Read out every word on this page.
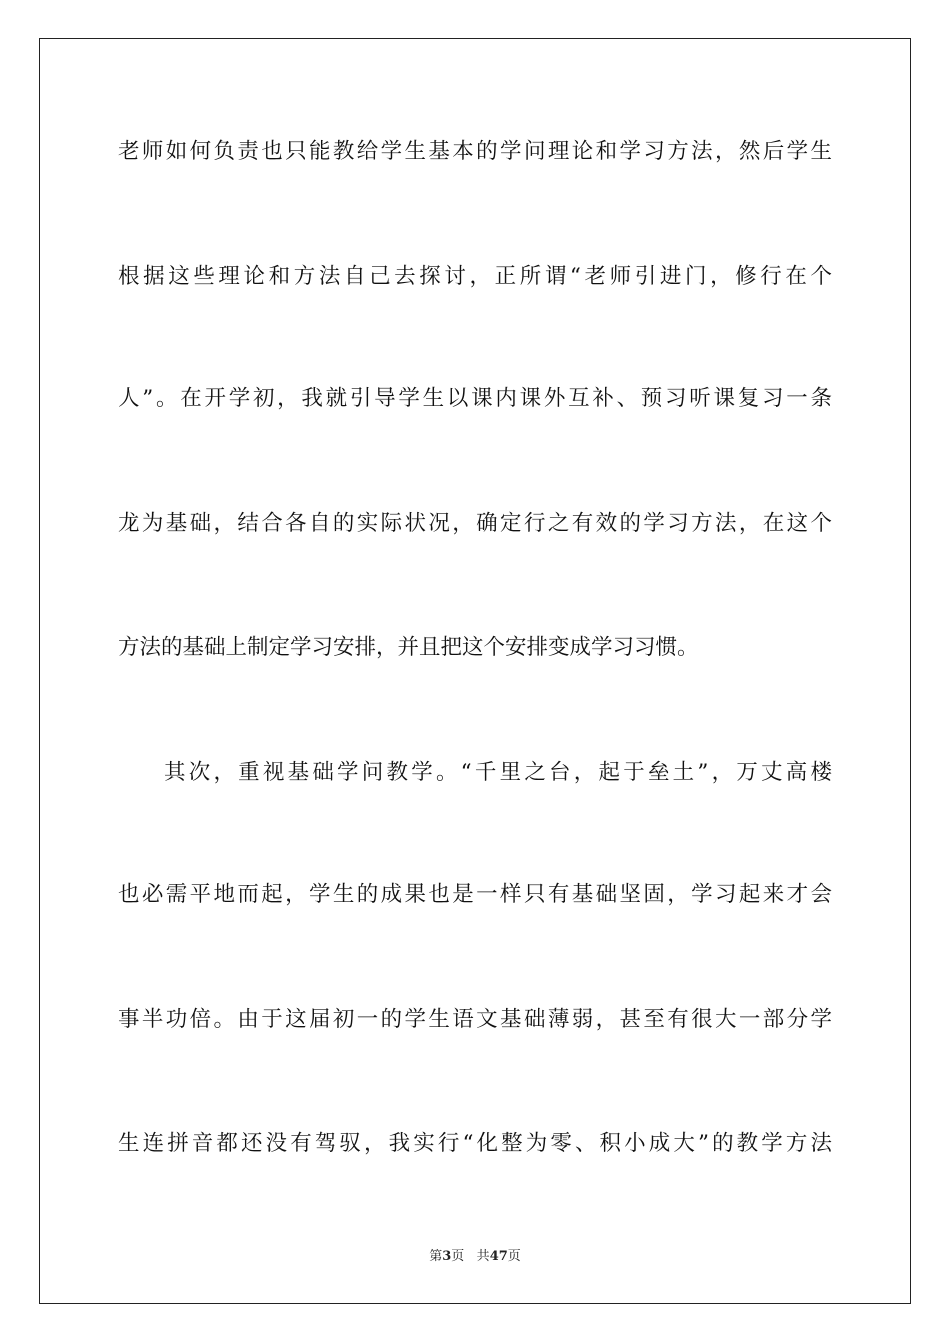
老师如何负责也只能教给学生基本的学问理论和学习方法，然后学生
根据这些理论和方法自己去探讨，正所谓“老师引进门，修行在个
人”。在开学初，我就引导学生以课内课外互补、预习听课复习一条
龙为基础，结合各自的实际状况，确定行之有效的学习方法，在这个
方法的基础上制定学习安排，并且把这个安排变成学习习惯。
其次，重视基础学问教学。“千里之台，起于垒土”，万丈高楼
也必需平地而起，学生的成果也是一样只有基础坚固，学习起来才会
事半功倍。由于这届初一的学生语文基础薄弱，甚至有很大一部分学
生连拼音都还没有驾驭，我实行“化整为零、积小成大”的教学方法
第3页 共47页
